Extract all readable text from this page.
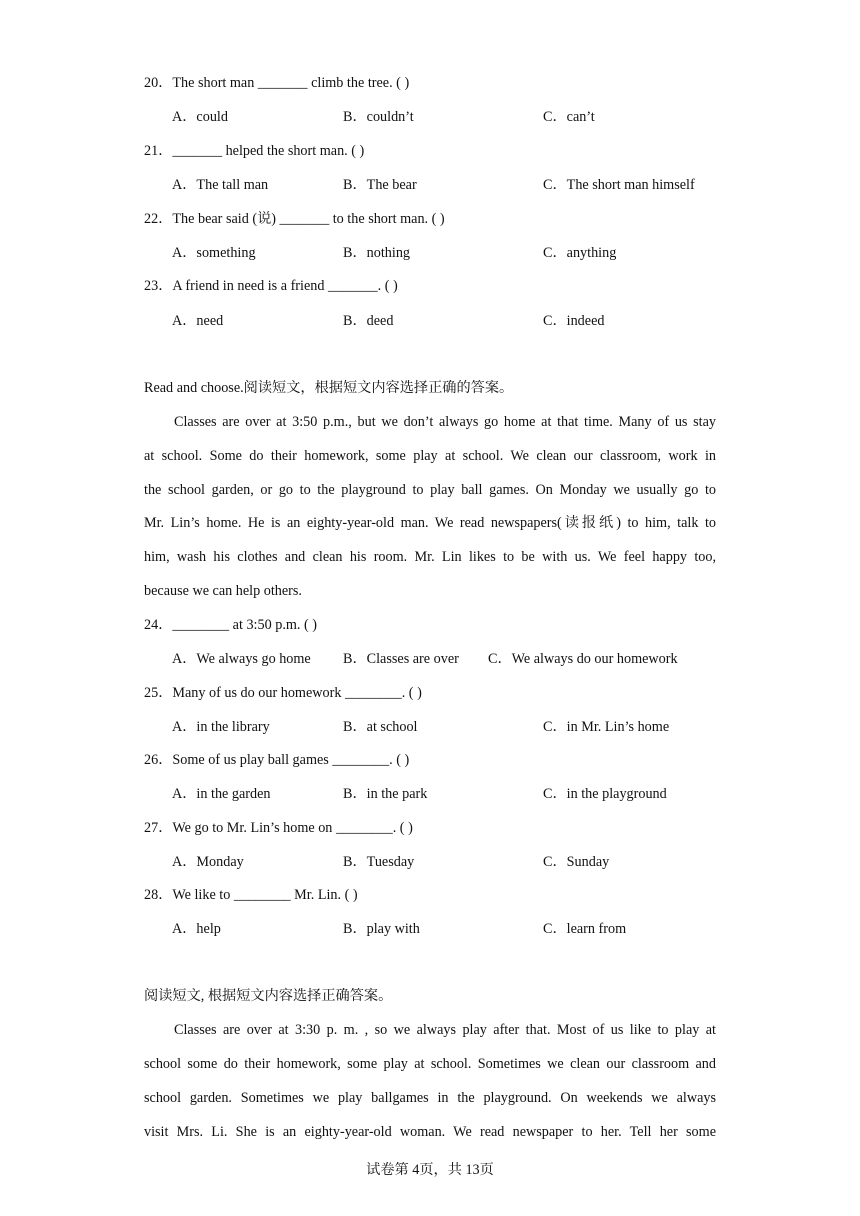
20．The short man _______ climb the tree. ( )
A．could	B．couldn’t	C．can’t
21．_______ helped the short man. ( )
A．The tall man	B．The bear	C．The short man himself
22．The bear said (说) _______ to the short man. ( )
A．something	B．nothing	C．anything
23．A friend in need is a friend _______. ( )
A．need	B．deed	C．indeed
Read and choose.阅读短文，根据短文内容选择正确的答案。
Classes are over at 3:50 p.m., but we don’t always go home at that time. Many of us stay
at school. Some do their homework, some play at school. We clean our classroom, work in
the school garden, or go to the playground to play ball games. On Monday we usually go to
Mr. Lin’s home. He is an eighty-year-old man. We read newspapers(读报纸) to him, talk to
him, wash his clothes and clean his room. Mr. Lin likes to be with us. We feel happy too,
because we can help others.
24．________ at 3:50 p.m. ( )
A．We always go home B．Classes are over C．We always do our homework
25．Many of us do our homework ________. ( )
A．in the library	B．at school	C．in Mr. Lin’s home
26．Some of us play ball games ________. ( )
A．in the garden	B．in the park	C．in the playground
27．We go to Mr. Lin’s home on ________. ( )
A．Monday	B．Tuesday	C．Sunday
28．We like to ________ Mr. Lin. ( )
A．help	B．play with	C．learn from
阅读短文, 根据短文内容选择正确答案。
Classes are over at 3:30 p. m. , so we always play after that. Most of us like to play at
school some do their homework, some play at school. Sometimes we clean our classroom and
school garden. Sometimes we play ballgames in the playground. On weekends we always
visit Mrs. Li. She is an eighty-year-old woman. We read newspaper to her. Tell her some
试卷第 4页，共 13页
